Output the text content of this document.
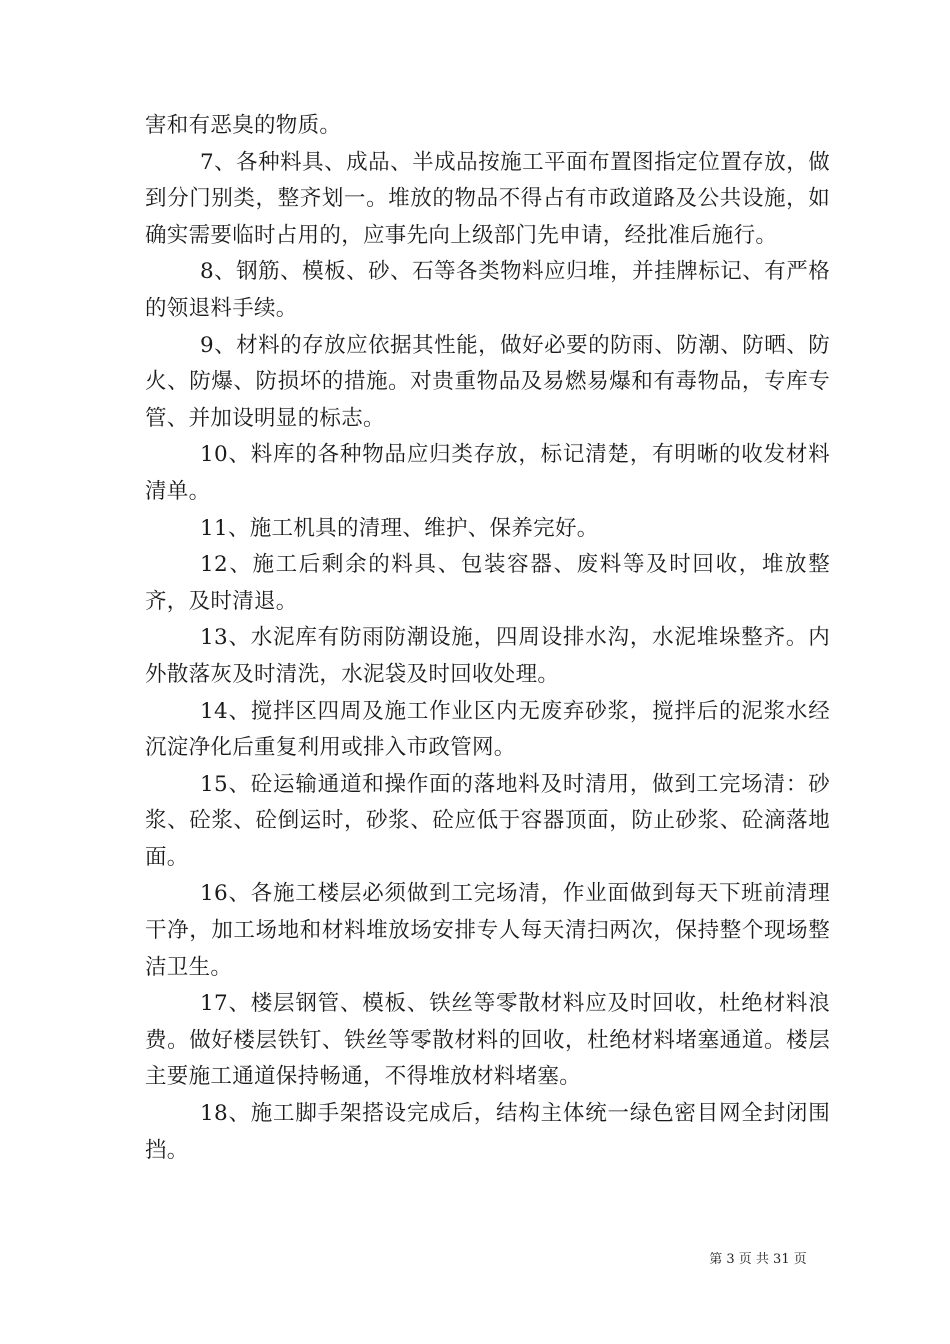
害和有恶臭的物质。

7、各种料具、成品、半成品按施工平面布置图指定位置存放，做到分门别类，整齐划一。堆放的物品不得占有市政道路及公共设施，如确实需要临时占用的，应事先向上级部门先申请，经批准后施行。

8、钢筋、模板、砂、石等各类物料应归堆，并挂牌标记、有严格的领退料手续。

9、材料的存放应依据其性能，做好必要的防雨、防潮、防晒、防火、防爆、防损坏的措施。对贵重物品及易燃易爆和有毒物品，专库专管、并加设明显的标志。

10、料库的各种物品应归类存放，标记清楚，有明晰的收发材料清单。

11、施工机具的清理、维护、保养完好。

12、施工后剩余的料具、包装容器、废料等及时回收，堆放整齐，及时清退。

13、水泥库有防雨防潮设施，四周设排水沟，水泥堆垛整齐。内外散落灰及时清洗，水泥袋及时回收处理。

14、搅拌区四周及施工作业区内无废弃砂浆，搅拌后的泥浆水经沉淀净化后重复利用或排入市政管网。

15、砼运输通道和操作面的落地料及时清用，做到工完场清：砂浆、砼浆、砼倒运时，砂浆、砼应低于容器顶面，防止砂浆、砼滴落地面。

16、各施工楼层必须做到工完场清，作业面做到每天下班前清理干净，加工场地和材料堆放场安排专人每天清扫两次，保持整个现场整洁卫生。

17、楼层钢管、模板、铁丝等零散材料应及时回收，杜绝材料浪费。做好楼层铁钉、铁丝等零散材料的回收，杜绝材料堵塞通道。楼层主要施工通道保持畅通，不得堆放材料堵塞。

18、施工脚手架搭设完成后，结构主体统一绿色密目网全封闭围挡。

第 3 页 共 31 页
